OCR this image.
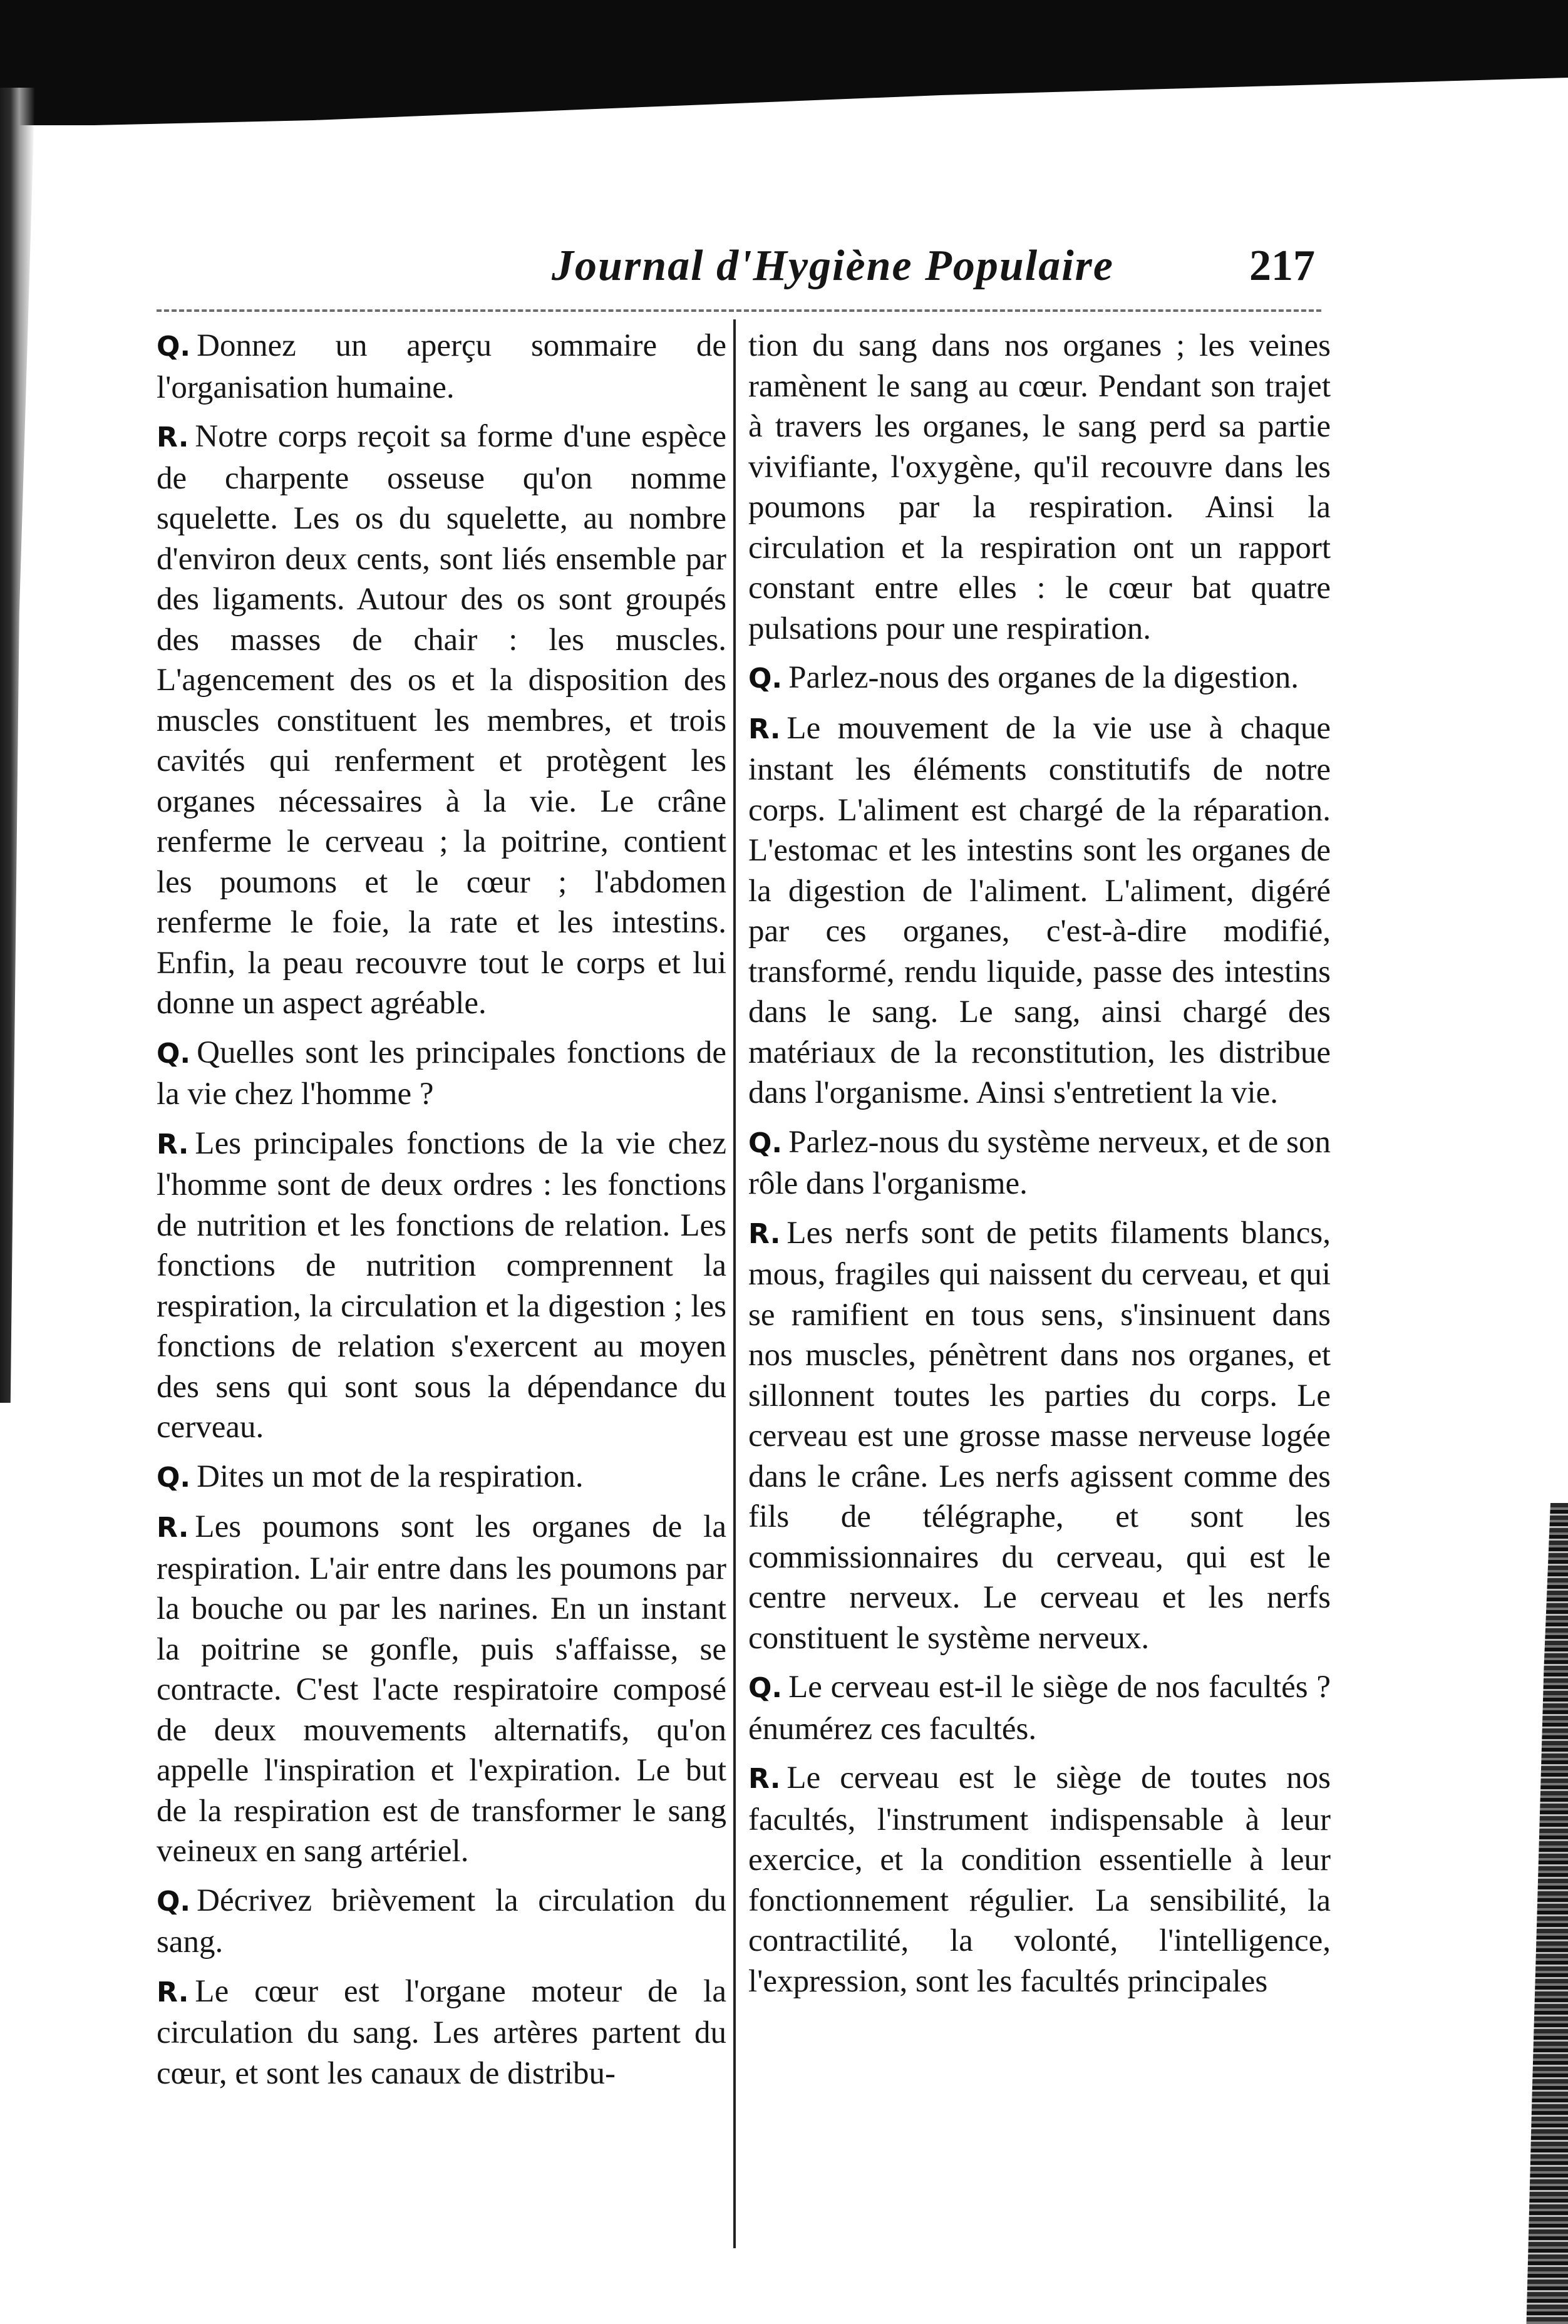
Journal d'Hygiène Populaire	217

Q. Donnez un aperçu sommaire de l'organisation humaine.

R. Notre corps reçoit sa forme d'une espèce de charpente osseuse qu'on nomme squelette. Les os du squelette, au nombre d'environ deux cents, sont liés ensemble par des ligaments. Autour des os sont groupés des masses de chair : les muscles. L'agencement des os et la disposition des muscles constituent les membres, et trois cavités qui renferment et protègent les organes nécessaires à la vie. Le crâne renferme le cerveau ; la poitrine, contient les poumons et le cœur ; l'abdomen renferme le foie, la rate et les intestins. Enfin, la peau recouvre tout le corps et lui donne un aspect agréable.

Q. Quelles sont les principales fonctions de la vie chez l'homme ?

R. Les principales fonctions de la vie chez l'homme sont de deux ordres : les fonctions de nutrition et les fonctions de relation. Les fonctions de nutrition comprennent la respiration, la circulation et la digestion ; les fonctions de relation s'exercent au moyen des sens qui sont sous la dépendance du cerveau.

Q. Dites un mot de la respiration.

R. Les poumons sont les organes de la respiration. L'air entre dans les poumons par la bouche ou par les narines. En un instant la poitrine se gonfle, puis s'affaisse, se contracte. C'est l'acte respiratoire composé de deux mouvements alternatifs, qu'on appelle l'inspiration et l'expiration. Le but de la respiration est de transformer le sang veineux en sang artériel.

Q. Décrivez brièvement la circulation du sang.

R. Le cœur est l'organe moteur de la circulation du sang. Les artères partent du cœur, et sont les canaux de distribu-

tion du sang dans nos organes ; les veines ramènent le sang au cœur. Pendant son trajet à travers les organes, le sang perd sa partie vivifiante, l'oxygène, qu'il recouvre dans les poumons par la respiration. Ainsi la circulation et la respiration ont un rapport constant entre elles : le cœur bat quatre pulsations pour une respiration.

Q. Parlez-nous des organes de la digestion.

R. Le mouvement de la vie use à chaque instant les éléments constitutifs de notre corps. L'aliment est chargé de la réparation. L'estomac et les intestins sont les organes de la digestion de l'aliment. L'aliment, digéré par ces organes, c'est-à-dire modifié, transformé, rendu liquide, passe des intestins dans le sang. Le sang, ainsi chargé des matériaux de la reconstitution, les distribue dans l'organisme. Ainsi s'entretient la vie.

Q. Parlez-nous du système nerveux, et de son rôle dans l'organisme.

R. Les nerfs sont de petits filaments blancs, mous, fragiles qui naissent du cerveau, et qui se ramifient en tous sens, s'insinuent dans nos muscles, pénètrent dans nos organes, et sillonnent toutes les parties du corps. Le cerveau est une grosse masse nerveuse logée dans le crâne. Les nerfs agissent comme des fils de télégraphe, et sont les commissionnaires du cerveau, qui est le centre nerveux. Le cerveau et les nerfs constituent le système nerveux.

Q. Le cerveau est-il le siège de nos facultés ? énumérez ces facultés.

R. Le cerveau est le siège de toutes nos facultés, l'instrument indispensable à leur exercice, et la condition essentielle à leur fonctionnement régulier. La sensibilité, la contractilité, la volonté, l'intelligence, l'expression, sont les facultés principales
